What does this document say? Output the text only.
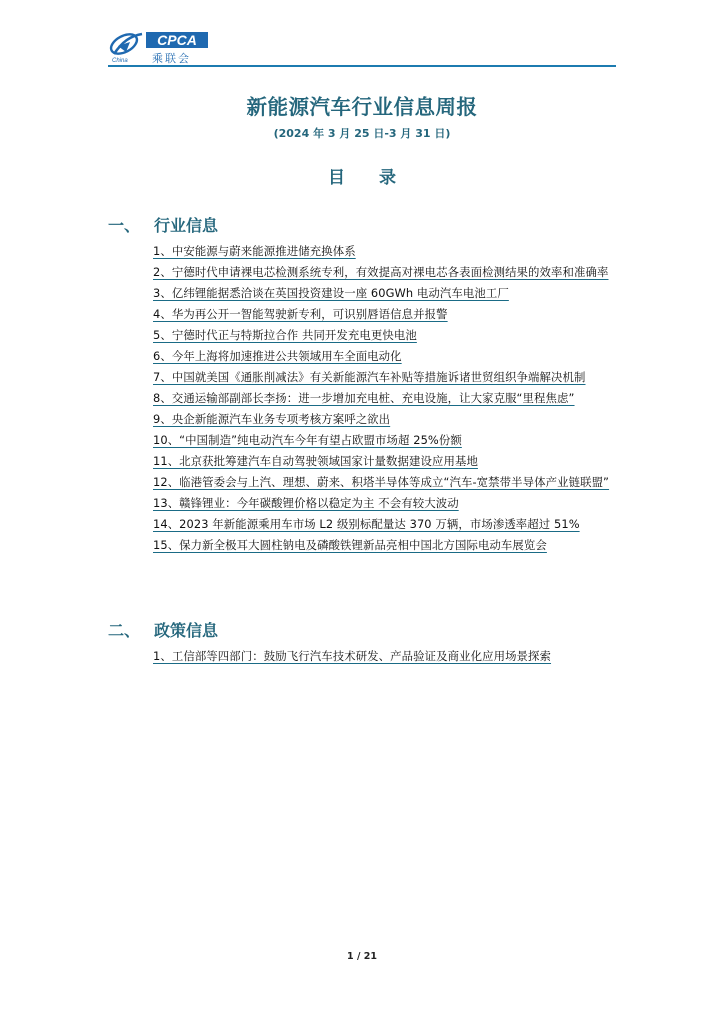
CPCA
China 乘联会
新能源汽车行业信息周报
(2024 年 3 月 25 日-3 月 31 日)
目 录
一、 行业信息
1、中安能源与蔚来能源推进储充换体系
2、宁德时代申请裸电芯检测系统专利，有效提高对裸电芯各表面检测结果的效率和准确率
3、亿纬锂能据悉洽谈在英国投资建设一座 60GWh 电动汽车电池工厂
4、华为再公开一智能驾驶新专利，可识别唇语信息并报警
5、宁德时代正与特斯拉合作 共同开发充电更快电池
6、今年上海将加速推进公共领域用车全面电动化
7、中国就美国《通胀削减法》有关新能源汽车补贴等措施诉诸世贸组织争端解决机制
8、交通运输部副部长李扬：进一步增加充电桩、充电设施，让大家克服“里程焦虑”
9、央企新能源汽车业务专项考核方案呼之欲出
10、“中国制造”纯电动汽车今年有望占欧盟市场超 25%份额
11、北京获批筹建汽车自动驾驶领域国家计量数据建设应用基地
12、临港管委会与上汽、理想、蔚来、积塔半导体等成立“汽车-宽禁带半导体产业链联盟”
13、赣锋锂业：今年碳酸锂价格以稳定为主 不会有较大波动
14、2023 年新能源乘用车市场 L2 级别标配量达 370 万辆，市场渗透率超过 51%
15、保力新全极耳大圆柱钠电及磷酸铁锂新品亮相中国北方国际电动车展览会
二、 政策信息
1、工信部等四部门：鼓励飞行汽车技术研发、产品验证及商业化应用场景探索
1 / 21
